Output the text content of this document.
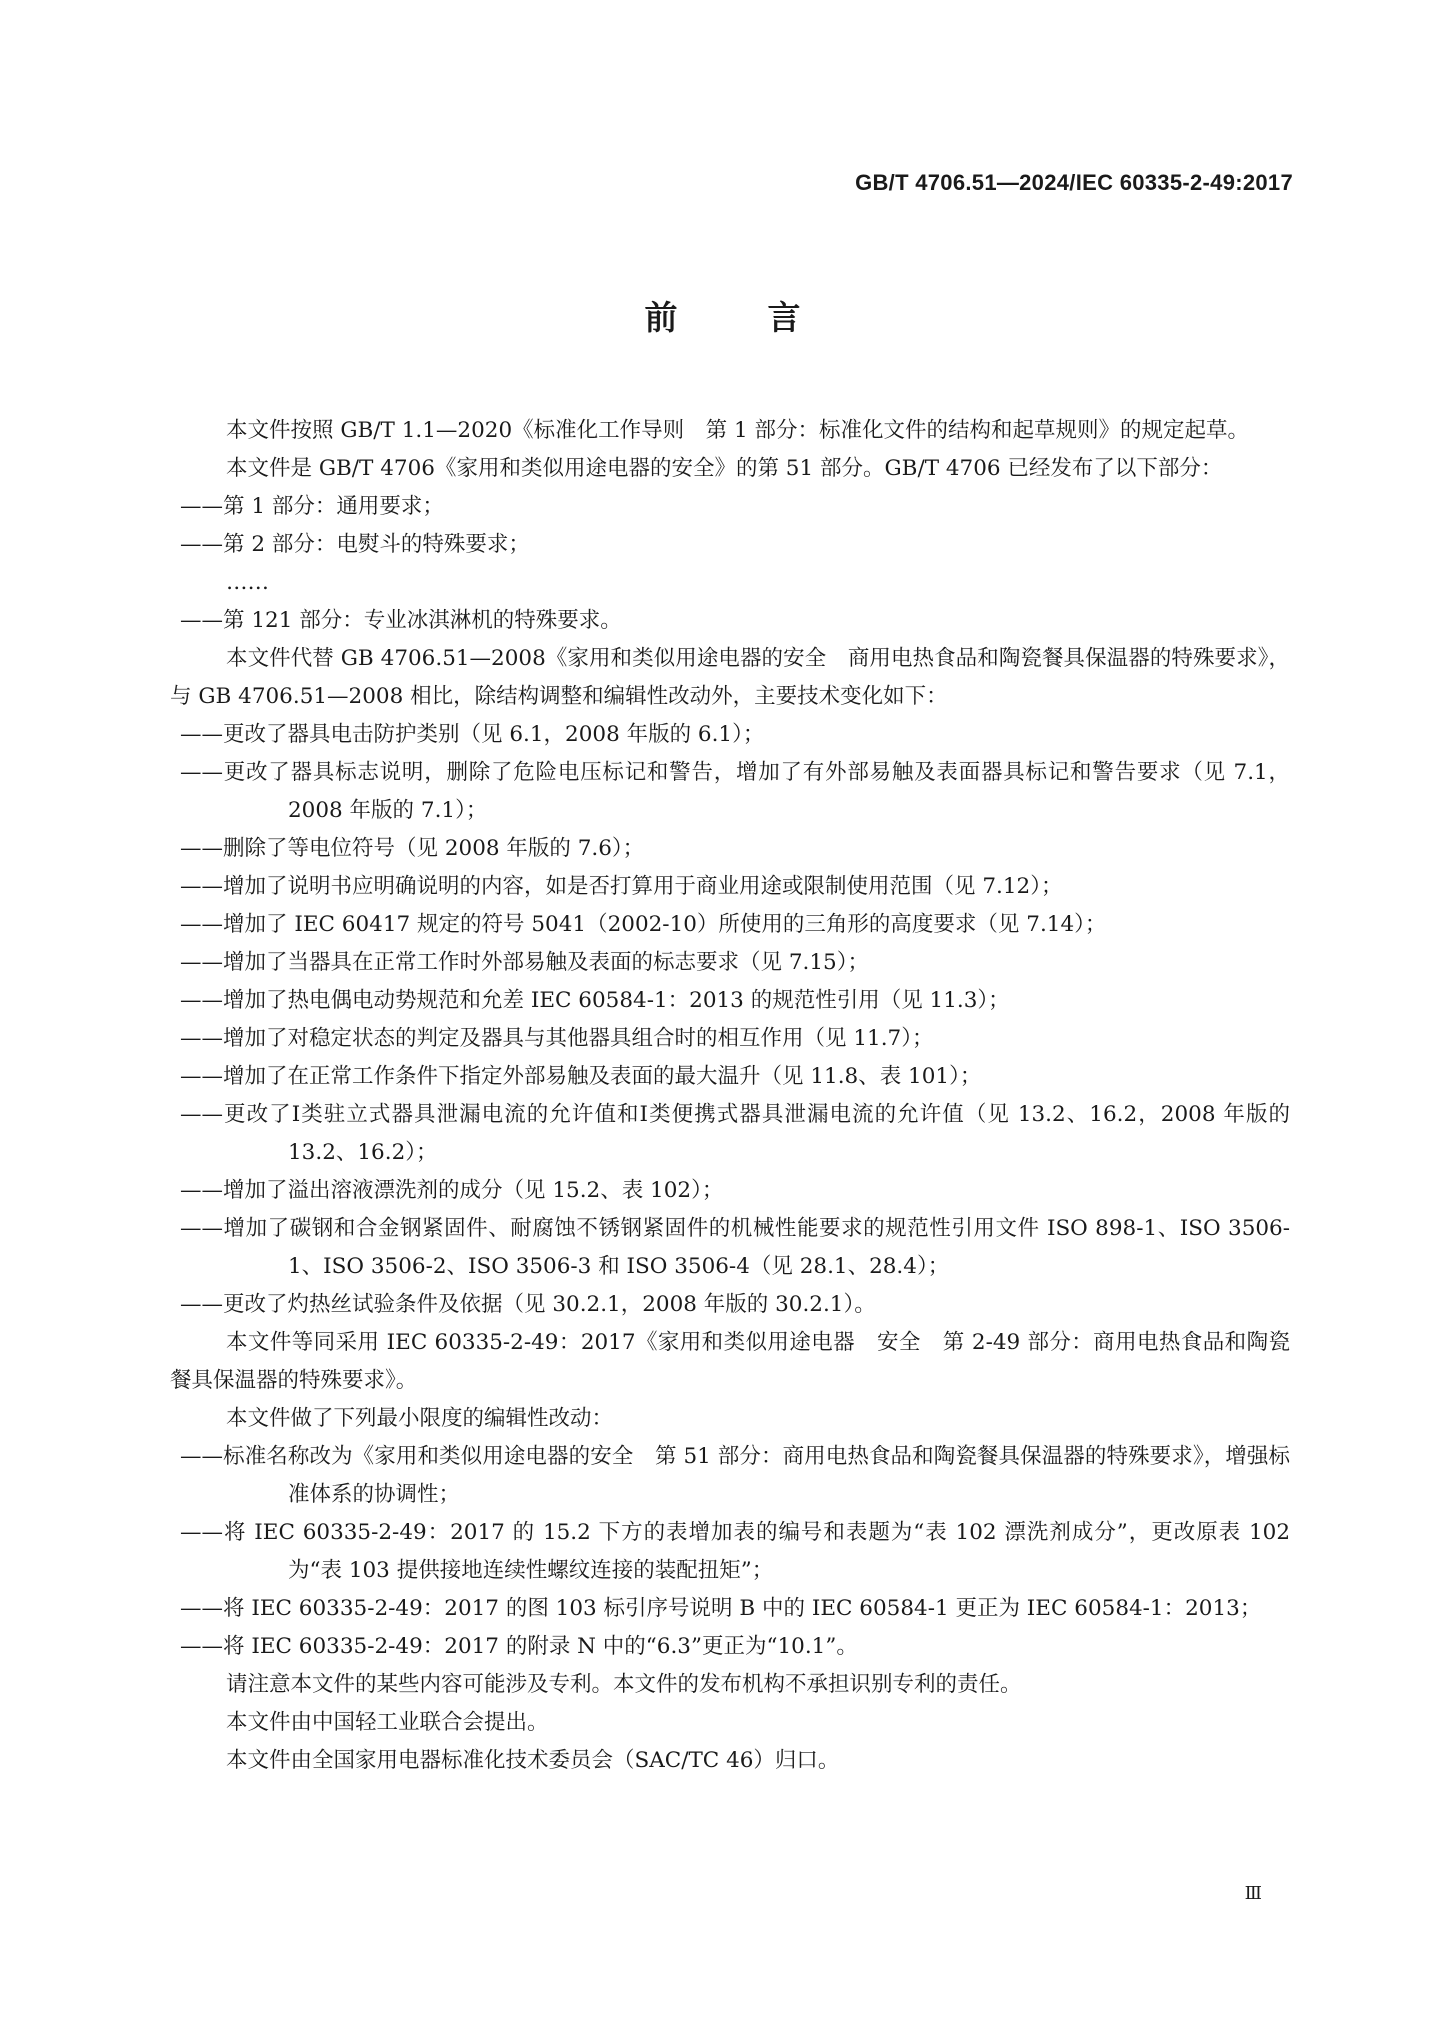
GB/T 4706.51—2024/IEC 60335-2-49:2017
前言

本文件按照 GB/T 1.1—2020《标准化工作导则　第 1 部分：标准化文件的结构和起草规则》的规定起草。

本文件是 GB/T 4706《家用和类似用途电器的安全》的第 51 部分。GB/T 4706 已经发布了以下部分：

——第 1 部分：通用要求；

——第 2 部分：电熨斗的特殊要求；

……

——第 121 部分：专业冰淇淋机的特殊要求。

本文件代替 GB 4706.51—2008《家用和类似用途电器的安全　商用电热食品和陶瓷餐具保温器的特殊要求》，与 GB 4706.51—2008 相比，除结构调整和编辑性改动外，主要技术变化如下：

——更改了器具电击防护类别（见 6.1，2008 年版的 6.1）；

——更改了器具标志说明，删除了危险电压标记和警告，增加了有外部易触及表面器具标记和警告要求（见 7.1，2008 年版的 7.1）；

——删除了等电位符号（见 2008 年版的 7.6）；

——增加了说明书应明确说明的内容，如是否打算用于商业用途或限制使用范围（见 7.12）；

——增加了 IEC 60417 规定的符号 5041（2002-10）所使用的三角形的高度要求（见 7.14）；

——增加了当器具在正常工作时外部易触及表面的标志要求（见 7.15）；

——增加了热电偶电动势规范和允差 IEC 60584-1：2013 的规范性引用（见 11.3）；

——增加了对稳定状态的判定及器具与其他器具组合时的相互作用（见 11.7）；

——增加了在正常工作条件下指定外部易触及表面的最大温升（见 11.8、表 101）；

——更改了Ⅰ类驻立式器具泄漏电流的允许值和Ⅰ类便携式器具泄漏电流的允许值（见 13.2、16.2，2008 年版的 13.2、16.2）；

——增加了溢出溶液漂洗剂的成分（见 15.2、表 102）；

——增加了碳钢和合金钢紧固件、耐腐蚀不锈钢紧固件的机械性能要求的规范性引用文件 ISO 898-1、ISO 3506-1、ISO 3506-2、ISO 3506-3 和 ISO 3506-4（见 28.1、28.4）；

——更改了灼热丝试验条件及依据（见 30.2.1，2008 年版的 30.2.1）。

本文件等同采用 IEC 60335-2-49：2017《家用和类似用途电器　安全　第 2-49 部分：商用电热食品和陶瓷餐具保温器的特殊要求》。

本文件做了下列最小限度的编辑性改动：

——标准名称改为《家用和类似用途电器的安全　第 51 部分：商用电热食品和陶瓷餐具保温器的特殊要求》，增强标准体系的协调性；

——将 IEC 60335-2-49：2017 的 15.2 下方的表增加表的编号和表题为“表 102 漂洗剂成分”，更改原表 102 为“表 103 提供接地连续性螺纹连接的装配扭矩”；

——将 IEC 60335-2-49：2017 的图 103 标引序号说明 B 中的 IEC 60584-1 更正为 IEC 60584-1：2013；

——将 IEC 60335-2-49：2017 的附录 N 中的“6.3”更正为“10.1”。

请注意本文件的某些内容可能涉及专利。本文件的发布机构不承担识别专利的责任。

本文件由中国轻工业联合会提出。

本文件由全国家用电器标准化技术委员会（SAC/TC 46）归口。

Ⅲ
